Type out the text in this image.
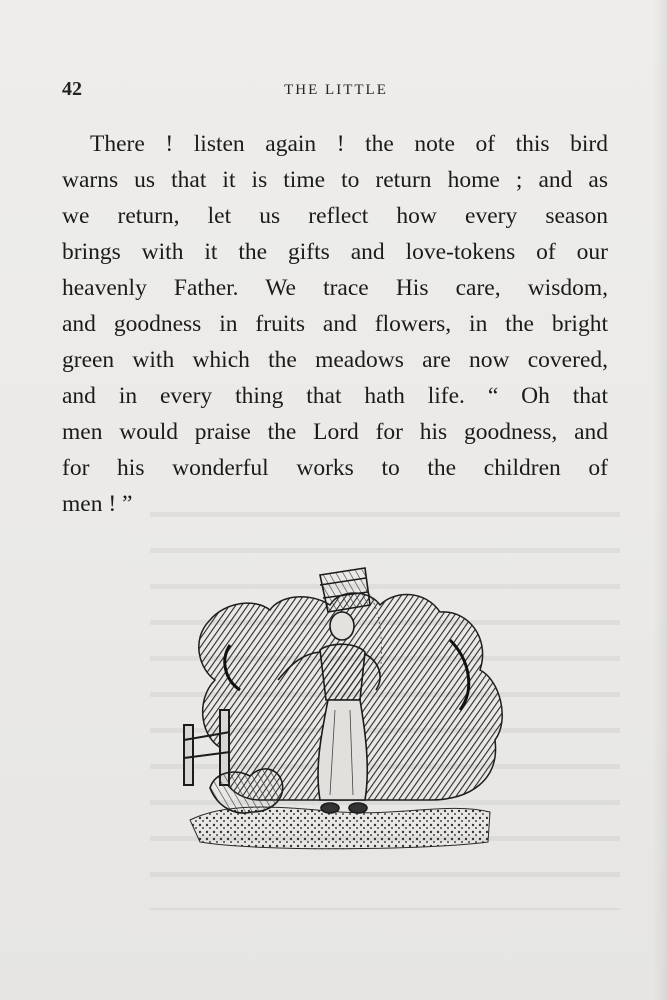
42	THE LITTLE
There ! listen again ! the note of this bird
warns us that it is time to return home ; and as
we return, let us reflect how every season
brings with it the gifts and love-tokens of our
heavenly Father. We trace His care, wisdom,
and goodness in fruits and flowers, in the bright
green with which the meadows are now covered,
and in every thing that hath life. “ Oh that
men would praise the Lord for his goodness, and
for his wonderful works to the children of
men ! ”
